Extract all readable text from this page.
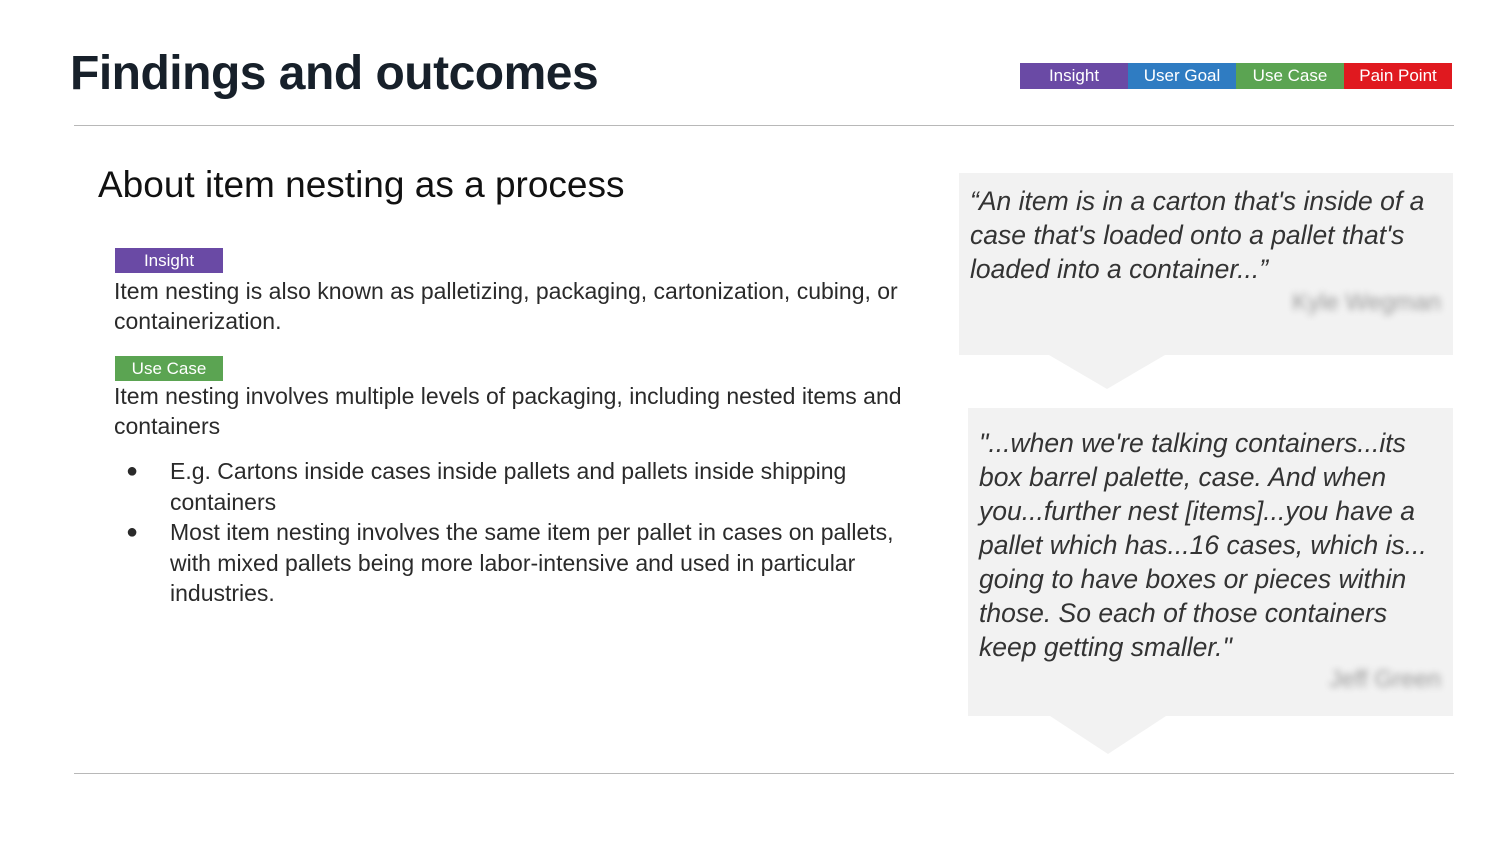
Findings and outcomes	Insight	User Goal	Use Case	Pain Point
About item nesting as a process
Insight
Item nesting is also known as palletizing, packaging, cartonization, cubing, or containerization.
Use Case
Item nesting involves multiple levels of packaging, including nested items and containers
● E.g. Cartons inside cases inside pallets and pallets inside shipping containers
● Most item nesting involves the same item per pallet in cases on pallets, with mixed pallets being more labor-intensive and used in particular industries.
“An item is in a carton that's inside of a case that's loaded onto a pallet that's loaded into a container...”
Kyle Wegman
"...when we're talking containers...its box barrel palette, case. And when you...further nest [items]...you have a pallet which has...16 cases, which is... going to have boxes or pieces within those. So each of those containers keep getting smaller."
Jeff Green
